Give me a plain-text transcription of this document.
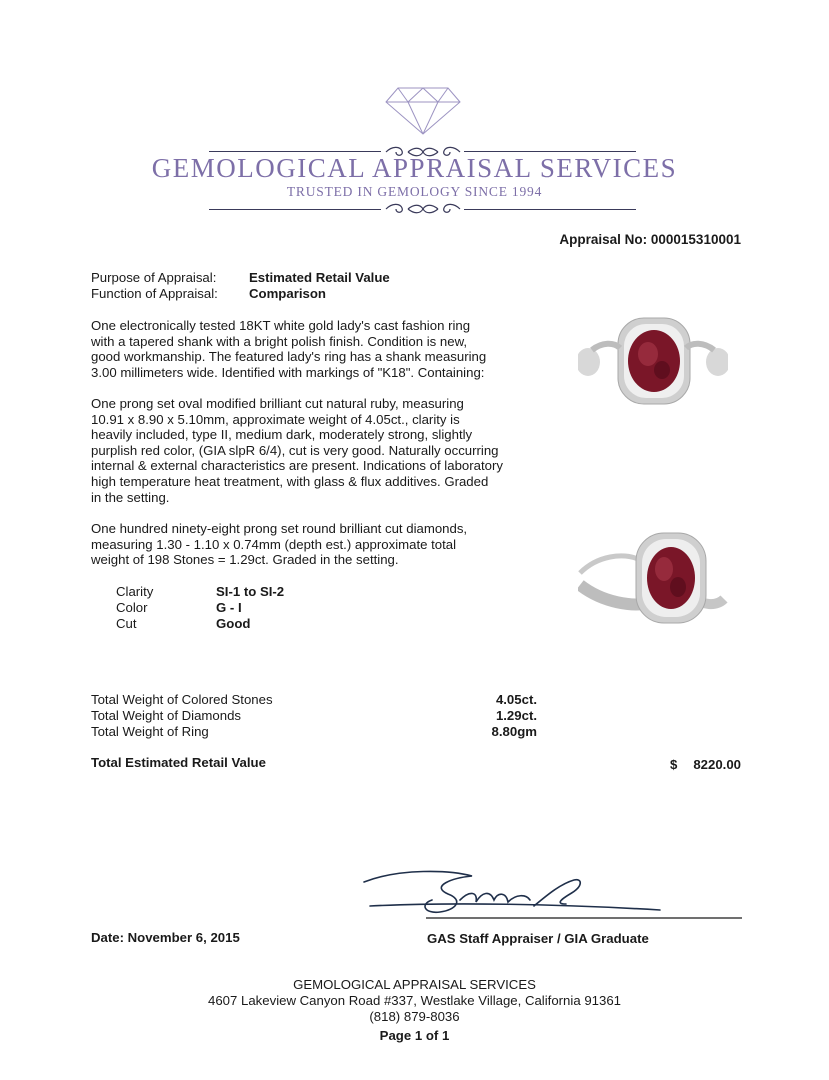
GEMOLOGICAL APPRAISAL SERVICES
TRUSTED IN GEMOLOGY SINCE 1994
Appraisal No: 000015310001
Purpose of Appraisal: Estimated Retail Value
Function of Appraisal: Comparison
One electronically tested 18KT white gold lady's cast fashion ring
with a tapered shank with a bright polish finish. Condition is new,
good workmanship. The featured lady's ring has a shank measuring
3.00 millimeters wide. Identified with markings of "K18". Containing:
One prong set oval modified brilliant cut natural ruby, measuring
10.91 x 8.90 x 5.10mm, approximate weight of 4.05ct., clarity is
heavily included, type II, medium dark, moderately strong, slightly
purplish red color, (GIA slpR 6/4), cut is very good. Naturally occurring
internal & external characteristics are present. Indications of laboratory
high temperature heat treatment, with glass & flux additives. Graded
in the setting.
One hundred ninety-eight prong set round brilliant cut diamonds,
measuring 1.30 - 1.10 x 0.74mm (depth est.) approximate total
weight of 198 Stones = 1.29ct. Graded in the setting.
Clarity	SI-1 to SI-2
Color	G - I
Cut	Good
Total Weight of Colored Stones	4.05ct.
Total Weight of Diamonds	1.29ct.
Total Weight of Ring	8.80gm
Total Estimated Retail Value	$ 8220.00
Date: November 6, 2015	GAS Staff Appraiser / GIA Graduate
GEMOLOGICAL APPRAISAL SERVICES
4607 Lakeview Canyon Road #337, Westlake Village, California 91361
(818) 879-8036
Page 1 of 1
